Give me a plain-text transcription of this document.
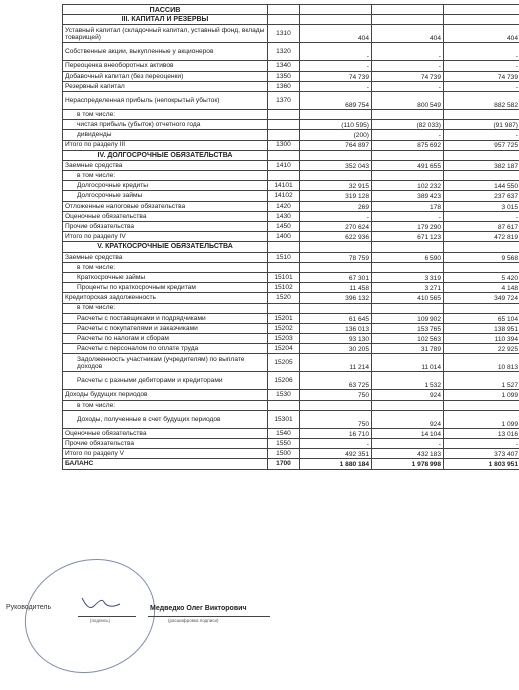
ПАССИВ				
III. КАПИТАЛ И РЕЗЕРВЫ				
Уставный капитал (складочный капитал, уставный фонд, вклады товарищей)	1310	404	404	404
Собственные акции, выкупленные у акционеров	1320	-	-	-
Переоценка внеоборотных активов	1340	-	-	-
Добавочный капитал (без переоценки)	1350	74 739	74 739	74 739
Резервный капитал	1360	-	-	-
Нераспределенная прибыль (непокрытый убыток)	1370	689 754	800 549	882 582
в том числе:				
чистая прибыль (убыток) отчетного года		(110 595)	(82 033)	(91 987)
дивиденды		(200)	-	-
Итого по разделу III	1300	764 897	875 692	957 725
IV. ДОЛГОСРОЧНЫЕ ОБЯЗАТЕЛЬСТВА				
Заемные средства	1410	352 043	491 655	382 187
в том числе:				
Долгосрочные кредиты	14101	32 915	102 232	144 550
Долгосрочные займы	14102	319 128	389 423	237 637
Отложенные налоговые обязательства	1420	269	178	3 015
Оценочные обязательства	1430	-	-	-
Прочие обязательства	1450	270 624	179 290	87 617
Итого по разделу IV	1400	622 936	671 123	472 819
V. КРАТКОСРОЧНЫЕ ОБЯЗАТЕЛЬСТВА				
Заемные средства	1510	78 759	6 590	9 568
в том числе:				
Краткосрочные займы	15101	67 301	3 319	5 420
Проценты по краткосрочным кредитам	15102	11 458	3 271	4 148
Кредиторская задолженность	1520	396 132	410 565	349 724
в том числе:				
Расчеты с поставщиками и подрядчиками	15201	61 645	109 902	65 104
Расчеты с покупателями и заказчиками	15202	136 013	153 765	138 951
Расчеты по налогам и сборам	15203	93 130	102 563	110 394
Расчеты с персоналом по оплате труда	15204	30 205	31 789	22 925
Задолженность участникам (учредителям) по выплате доходов	15205	11 214	11 014	10 813
Расчеты с разными дебиторами и кредиторами	15206	63 725	1 532	1 527
Доходы будущих периодов	1530	750	924	1 099
в том числе:				
Доходы, полученные в счет будущих периодов	15301	750	924	1 099
Оценочные обязательства	1540	16 710	14 104	13 016
Прочие обязательства	1550	-	-	-
Итого по разделу V	1500	492 351	432 183	373 407
БАЛАНС	1700	1 880 184	1 978 998	1 803 951
Руководитель
(подпись)
Медведко Олег Викторович
(расшифровка подписи)
